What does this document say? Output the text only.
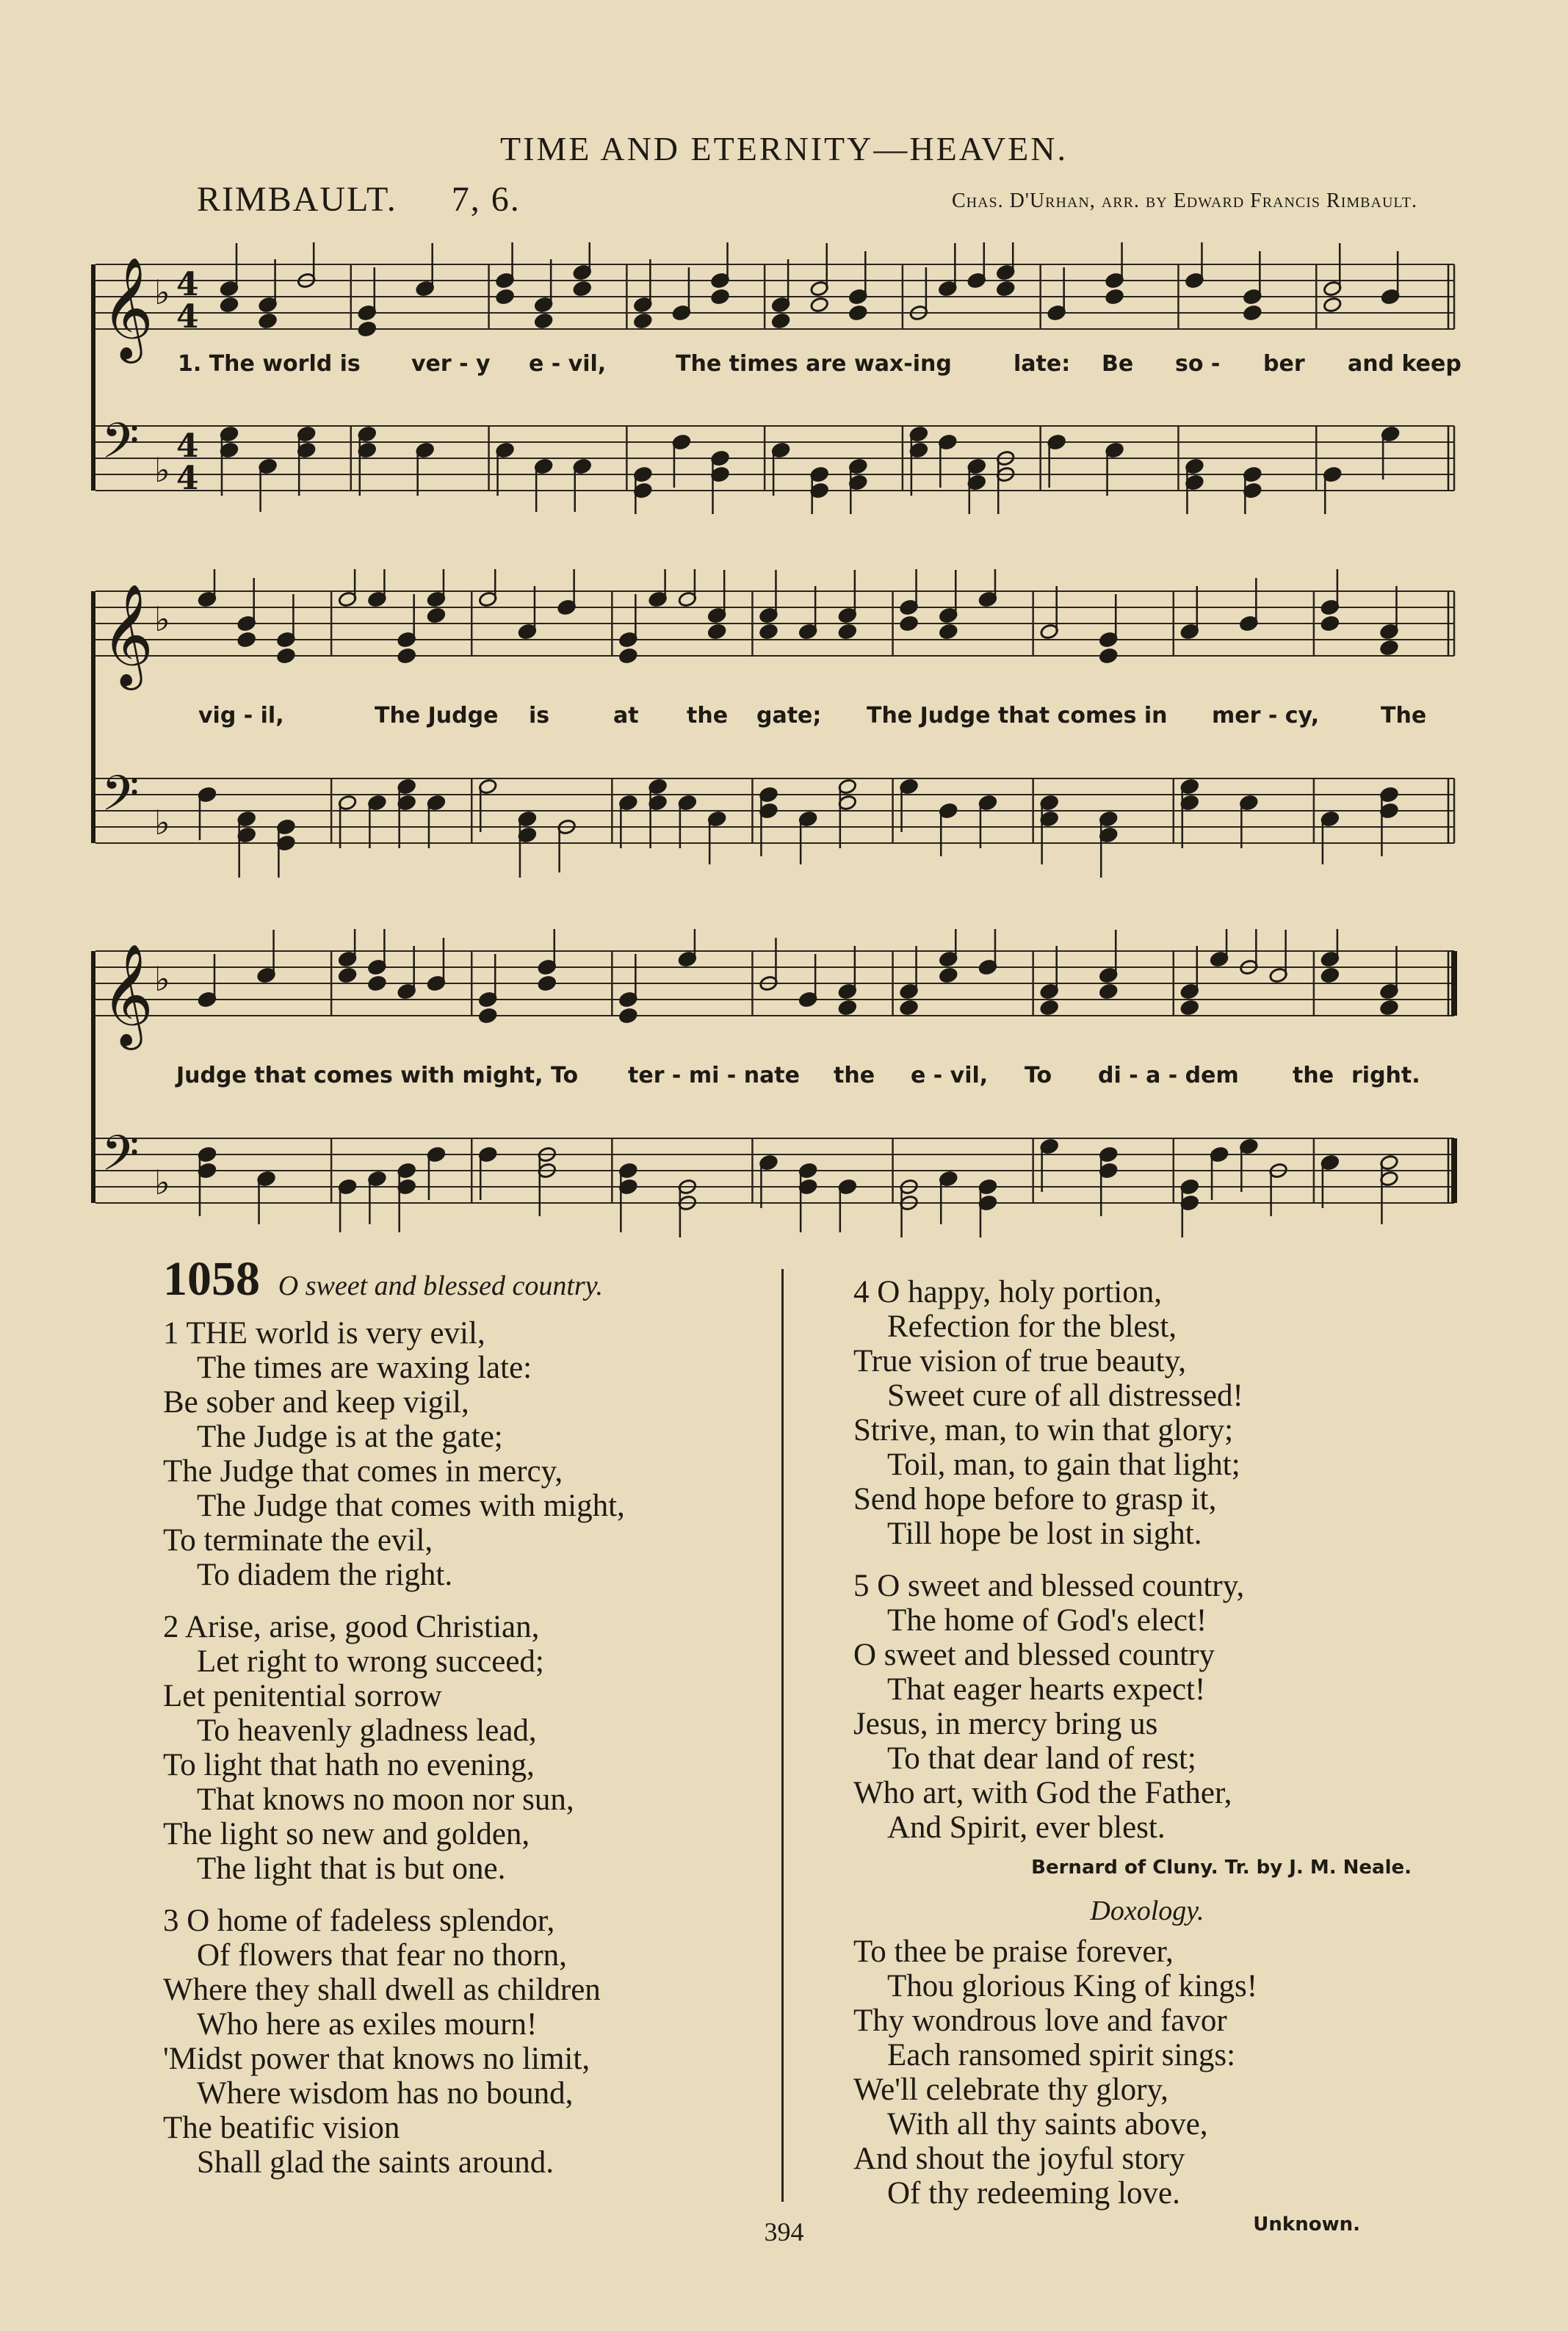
TIME AND ETERNITY—HEAVEN.
RIMBAULT. 7, 6.	Chas. D'Urhan, arr. by Edward Francis Rimbault.
𝄞 ♭ 4
4
𝄢 ♭
4
4
1. The world is ver - y e - vil,	The times are wax-ing	late: Be so - ber and keep
𝄞 ♭
𝄢 ♭
vig - il,	The Judge is	at the gate; The Judge that comes in mer - cy,	The
𝄞 ♭
𝄢 ♭
Judge that comes with might, To ter - mi - nate the e - vil, To di - a - dem the right.
1058 O sweet and blessed country.
1 THE world is very evil,
The times are waxing late:
Be sober and keep vigil,
The Judge is at the gate;
The Judge that comes in mercy,
The Judge that comes with might,
To terminate the evil,
To diadem the right.
2 Arise, arise, good Christian,
Let right to wrong succeed;
Let penitential sorrow
To heavenly gladness lead,
To light that hath no evening,
That knows no moon nor sun,
The light so new and golden,
The light that is but one.
3 O home of fadeless splendor,
Of flowers that fear no thorn,
Where they shall dwell as children
Who here as exiles mourn!
'Midst power that knows no limit,
Where wisdom has no bound,
The beatific vision
Shall glad the saints around.
4 O happy, holy portion,
Refection for the blest,
True vision of true beauty,
Sweet cure of all distressed!
Strive, man, to win that glory;
Toil, man, to gain that light;
Send hope before to grasp it,
Till hope be lost in sight.
5 O sweet and blessed country,
The home of God's elect!
O sweet and blessed country
That eager hearts expect!
Jesus, in mercy bring us
To that dear land of rest;
Who art, with God the Father,
And Spirit, ever blest.
Bernard of Cluny. Tr. by J. M. Neale.
Doxology.
To thee be praise forever,
Thou glorious King of kings!
Thy wondrous love and favor
Each ransomed spirit sings:
We'll celebrate thy glory,
With all thy saints above,
And shout the joyful story
Of thy redeeming love.
Unknown.
394
